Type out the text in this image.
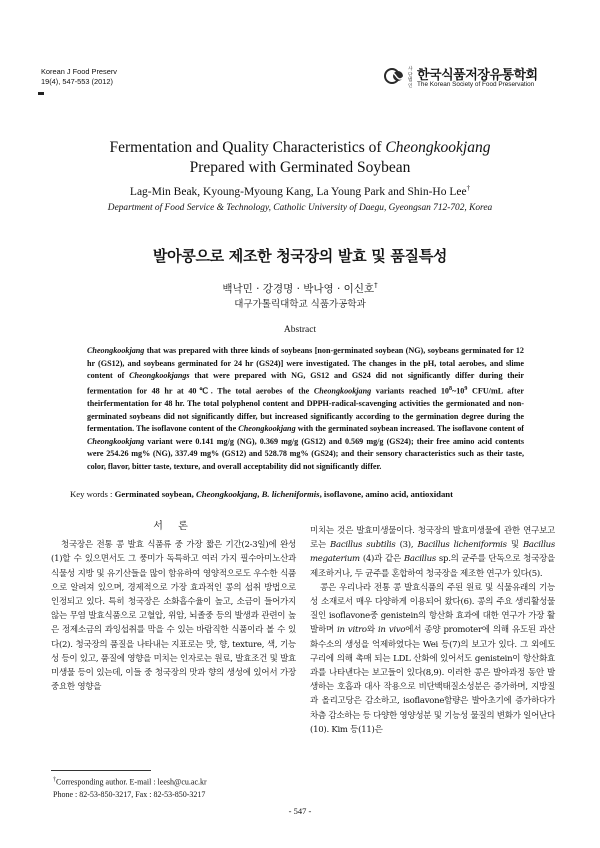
Korean J Food Preserv
19(4), 547-553 (2012)
사단법인
한국식품저장유통학회
The Korean Society of Food Preservation
Fermentation and Quality Characteristics of Cheongkookjang
Prepared with Germinated Soybean
Lag-Min Beak, Kyoung-Myoung Kang, La Young Park and Shin-Ho Lee†
Department of Food Service & Technology, Catholic University of Daegu, Gyeongsan 712-702, Korea
발아콩으로 제조한 청국장의 발효 및 품질특성
백낙민 · 강경명 · 박나영 · 이신호†
대구가톨릭대학교 식품가공학과
Abstract
Cheongkookjang that was prepared with three kinds of soybeans [non-germinated soybean (NG), soybeans germinated for 12 hr (GS12), and soybeans germinated for 24 hr (GS24)] were investigated. The changes in the pH, total aerobes, and slime content of Cheongkookjangs that were prepared with NG, GS12 and GS24 did not significantly differ during their fermentation for 48 hr at 40℃. The total aerobes of the Cheongkookjang variants reached $10^8\sim 10^9$ CFU/mL after theirfermentation for 48 hr. The total polyphenol content and DPPH-radical-scavenging activities the germionated and non-germinated soybeans did not significantly differ, but increased significantly according to the germination degree during the fermentation. The isoflavone content of the Cheongkookjang with the germinated soybean increased. The isoflavone content of Cheongkookjang variant were 0.141 mg/g (NG), 0.369 mg/g (GS12) and 0.569 mg/g (GS24); their free amino acid contents were 254.26 mg% (NG), 337.49 mg% (GS12) and 528.78 mg% (GS24); and their sensory characteristics such as their taste, color, flavor, bitter taste, texture, and overall acceptability did not significantly differ.
Key words : Germinated soybean, Cheongkookjang, B. licheniformis, isoflavone, amino acid, antioxidant
서 론

청국장은 전통 콩 발효 식품류 중 가장 짧은 기간(2-3일)에 완성(1)할 수 있으면서도 그 풍미가 독특하고 여러 가지 필수아미노산과 식물성 지방 및 유기산들을 많이 함유하여 영양적으로도 우수한 식품으로 알려져 있으며, 경제적으로 가장 효과적인 콩의 섭취 방법으로 인정되고 있다. 특히 청국장은 소화흡수율이 높고, 소금이 들어가지 않는 무염 발효식품으로 고혈압, 위암, 뇌졸중 등의 발생과 관련이 높은 정제소금의 과잉섭취를 막을 수 있는 바람직한 식품이라 볼 수 있다(2). 청국장의 품질을 나타내는 지표로는 맛, 향, texture, 색, 기능성 등이 있고, 품질에 영향을 미치는 인자로는 원료, 발효조건 및 발효미생물 등이 있는데, 이들 중 청국장의 맛과 향의 생성에 있어서 가장 중요한 영향을

미치는 것은 발효미생물이다. 청국장의 발효미생물에 관한 연구보고로는 Bacillus subtilis (3), Bacillus licheniformis 및 Bacillus megaterium (4)과 같은 Bacillus sp.의 균주를 단독으로 청국장을 제조하거나, 두 균주를 혼합하여 청국장을 제조한 연구가 있다(5).

콩은 우리나라 전통 콩 발효식품의 주된 원료 및 식물유래의 기능성 소재로서 매우 다양하게 이용되어 왔다(6). 콩의 주요 생리활성물질인 isoflavone중 genistein의 항산화 효과에 대한 연구가 가장 활발하며 in vitro와 in vivo에서 종양 promoter에 의해 유도된 과산화수소의 생성을 억제하였다는 Wei 등(7)의 보고가 있다. 그 외에도 구리에 의해 촉매 되는 LDL 산화에 있어서도 genistein이 항산화효과를 나타낸다는 보고들이 있다(8,9). 이러한 콩은 발아과정 동안 발생하는 호흡과 대사 작용으로 비단백태질소성분은 증가하며, 지방질과 올리고당은 감소하고, isoflavone함량은 발아초기에 증가하다가 차츰 감소하는 등 다양한 영양성분 및 기능성 물질의 변화가 일어난다(10). Kim 등(11)은

†Corresponding author. E-mail : leesh@cu.ac.kr
Phone : 82-53-850-3217, Fax : 82-53-850-3217
- 547 -
